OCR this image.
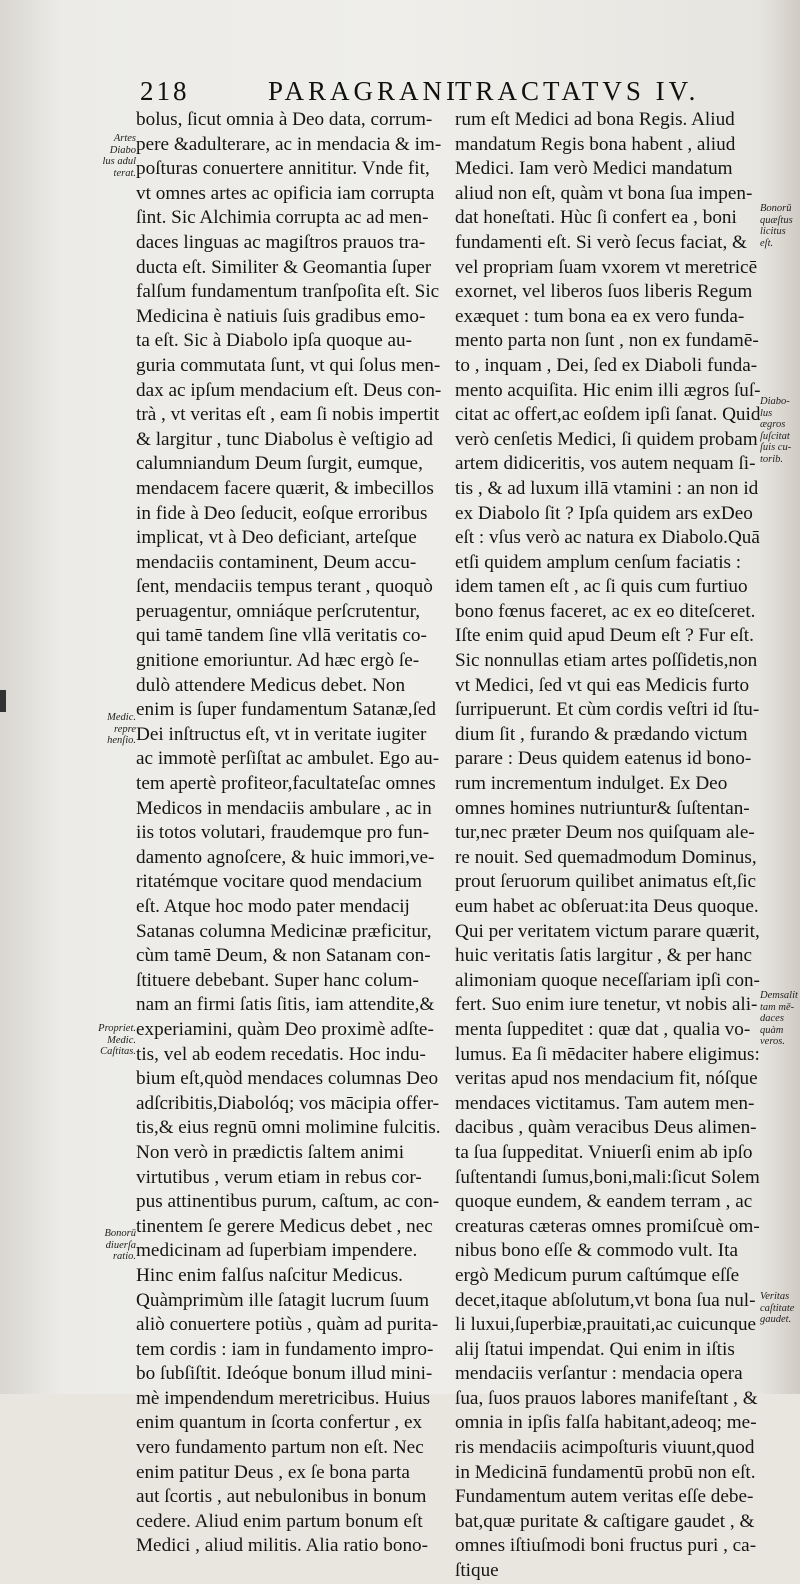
218	PARAGRANI
TRACTATVS IV.
bolus, ſicut omnia à Deo data, corrum-
pere &adulterare, ac in mendacia & im-
poſturas conuertere annititur. Vnde fit,
vt omnes artes ac opificia iam corrupta
ſint. Sic Alchimia corrupta ac ad men-
daces linguas ac magiſtros prauos tra-
ducta eſt. Similiter & Geomantia ſuper
falſum fundamentum tranſpoſita eſt. Sic
Medicina è natiuis ſuis gradibus emo-
ta eſt. Sic à Diabolo ipſa quoque au-
guria commutata ſunt, vt qui ſolus men-
dax ac ipſum mendacium eſt. Deus con-
trà , vt veritas eſt , eam ſi nobis impertit
& largitur , tunc Diabolus è veſtigio ad
calumniandum Deum ſurgit, eumque,
mendacem facere quærit, & imbecillos
in fide à Deo ſeducit, eoſque erroribus
implicat, vt à Deo deficiant, arteſque
mendaciis contaminent, Deum accu-
ſent, mendaciis tempus terant , quoquò
peruagentur, omniáque perſcrutentur,
qui tamē tandem ſine vllā veritatis co-
gnitione emoriuntur. Ad hæc ergò ſe-
dulò attendere Medicus debet. Non
enim is ſuper fundamentum Satanæ,ſed
Dei inſtructus eſt, vt in veritate iugiter
ac immotè perſiſtat ac ambulet. Ego au-
tem apertè profiteor,facultateſac omnes
Medicos in mendaciis ambulare , ac in
iis totos volutari, fraudemque pro fun-
damento agnoſcere, & huic immori,ve-
ritatémque vocitare quod mendacium
eſt. Atque hoc modo pater mendacij
Satanas columna Medicinæ præficitur,
cùm tamē Deum, & non Satanam con-
ſtituere debebant. Super hanc colum-
nam an firmi ſatis ſitis, iam attendite,&
experiamini, quàm Deo proximè adſte-
tis, vel ab eodem recedatis. Hoc indu-
bium eſt,quòd mendaces columnas Deo
adſcribitis,Diabolóq; vos mācipia offer-
tis,& eius regnū omni molimine fulcitis.
Non verò in prædictis ſaltem animi
virtutibus , verum etiam in rebus cor-
pus attinentibus purum, caſtum, ac con-
tinentem ſe gerere Medicus debet , nec
medicinam ad ſuperbiam impendere.
Hinc enim falſus naſcitur Medicus.
Quàmprimùm ille ſatagit lucrum ſuum
aliò conuertere potiùs , quàm ad purita-
tem cordis : iam in fundamento impro-
bo ſubſiſtit. Ideóque bonum illud mini-
mè impendendum meretricibus. Huius
enim quantum in ſcorta confertur , ex
vero fundamento partum non eſt. Nec
enim patitur Deus , ex ſe bona parta
aut ſcortis , aut nebulonibus in bonum
cedere. Aliud enim partum bonum eſt
Medici , aliud militis. Alia ratio bono-
rum eſt Medici ad bona Regis. Aliud
mandatum Regis bona habent , aliud
Medici. Iam verò Medici mandatum
aliud non eſt, quàm vt bona ſua impen-
dat honeſtati. Hùc ſi confert ea , boni
fundamenti eſt. Si verò ſecus faciat, &
vel propriam ſuam vxorem vt meretricē
exornet, vel liberos ſuos liberis Regum
exæquet : tum bona ea ex vero funda-
mento parta non ſunt , non ex fundamē-
to , inquam , Dei, ſed ex Diaboli funda-
mento acquiſita. Hic enim illi ægros ſuſ-
citat ac offert,ac eoſdem ipſi ſanat. Quid
verò cenſetis Medici, ſi quidem probam
artem didiceritis, vos autem nequam ſi-
tis , & ad luxum illā vtamini : an non id
ex Diabolo ſit ? Ipſa quidem ars exDeo
eſt : vſus verò ac natura ex Diabolo.Quā
etſi quidem amplum cenſum faciatis :
idem tamen eſt , ac ſi quis cum furtiuo
bono fœnus faceret, ac ex eo diteſceret.
Iſte enim quid apud Deum eſt ? Fur eſt.
Sic nonnullas etiam artes poſſidetis,non
vt Medici, ſed vt qui eas Medicis furto
ſurripuerunt. Et cùm cordis veſtri id ſtu-
dium ſit , furando & prædando victum
parare : Deus quidem eatenus id bono-
rum incrementum indulget. Ex Deo
omnes homines nutriuntur& ſuſtentan-
tur,nec præter Deum nos quiſquam ale-
re nouit. Sed quemadmodum Dominus,
prout ſeruorum quilibet animatus eſt,ſic
eum habet ac obſeruat:ita Deus quoque.
Qui per veritatem victum parare quærit,
huic veritatis ſatis largitur , & per hanc
alimoniam quoque neceſſariam ipſi con-
fert. Suo enim iure tenetur, vt nobis ali-
menta ſuppeditet : quæ dat , qualia vo-
lumus. Ea ſi mēdaciter habere eligimus:
veritas apud nos mendacium fit, nóſque
mendaces victitamus. Tam autem men-
dacibus , quàm veracibus Deus alimen-
ta ſua ſuppeditat. Vniuerſi enim ab ipſo
ſuſtentandi ſumus,boni,mali:ſicut Solem
quoque eundem, & eandem terram , ac
creaturas cæteras omnes promiſcuè om-
nibus bono eſſe & commodo vult. Ita
ergò Medicum purum caſtúmque eſſe
decet,itaque abſolutum,vt bona ſua nul-
li luxui,ſuperbiæ,prauitati,ac cuicunque
alij ſtatui impendat. Qui enim in iſtis
mendaciis verſantur : mendacia opera
ſua, ſuos prauos labores manifeſtant , &
omnia in ipſis falſa habitant,adeoq; me-
ris mendaciis acimpoſturis viuunt,quod
in Medicinā fundamentū probū non eſt.
Fundamentum autem veritas eſſe debe-
bat,quæ puritate & caſtigare gaudet , &
omnes iſtiuſmodi boni fructus puri , ca-
ſtique
Artes
Diabo
lus adul
terat.
Medic.
repre
henſio.
Propriet.
Medic.
Caſtitas.
Bonorū
diuerſa
ratio.
Bonorū
quæſtus
licitus eſt.
Diabo-
lus ægros
ſuſcitat
ſuis cu-
torib.
Demsalit
tam mē-
daces
quàm
veros.
Veritas
caſtitate
gaudet.
